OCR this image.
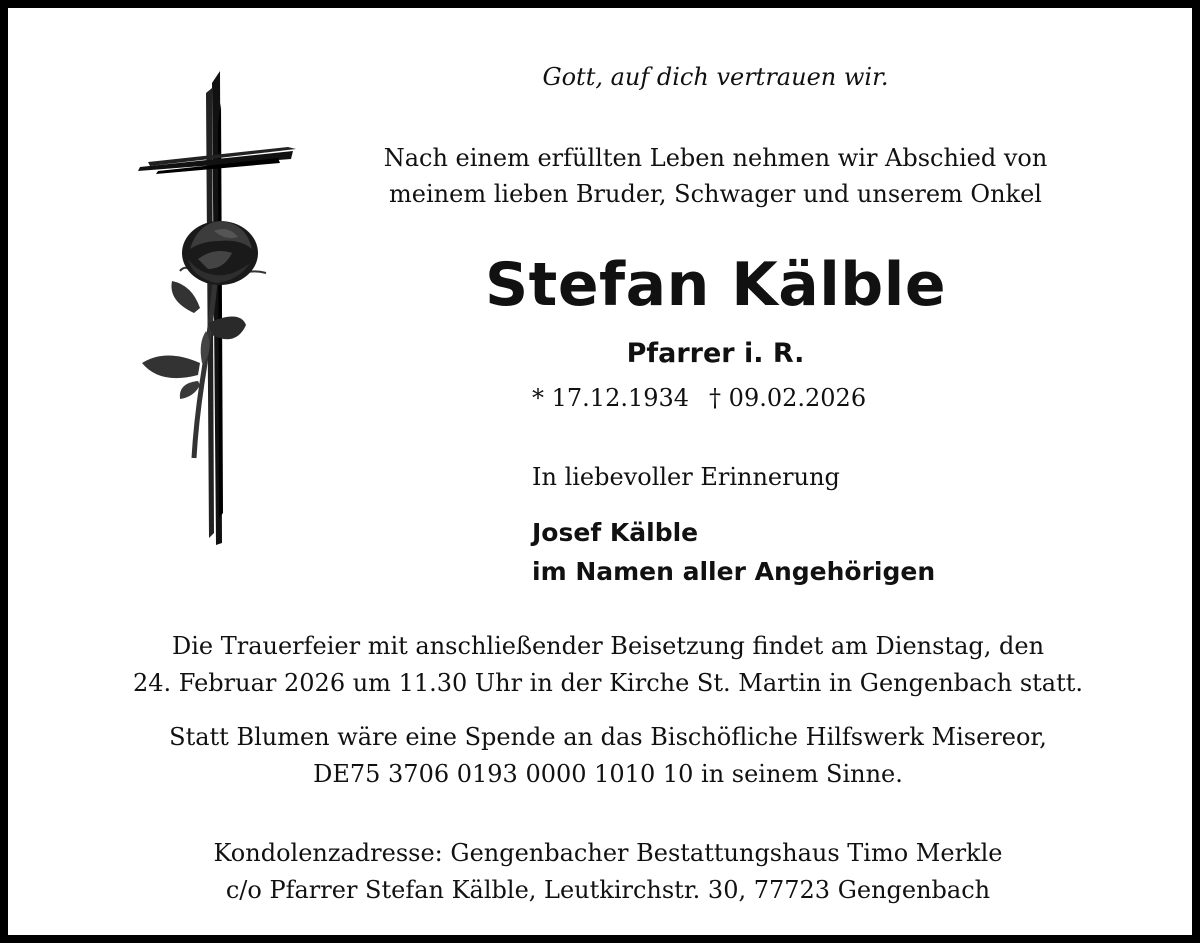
Gott, auf dich vertrauen wir.
Nach einem erfüllten Leben nehmen wir Abschied von
meinem lieben Bruder, Schwager und unserem Onkel
Stefan Kälble
Pfarrer i. R.
* 17.12.1934 † 09.02.2026
In liebevoller Erinnerung
Josef Kälble
im Namen aller Angehörigen
Die Trauerfeier mit anschließender Beisetzung findet am Dienstag, den
24. Februar 2026 um 11.30 Uhr in der Kirche St. Martin in Gengenbach statt.
Statt Blumen wäre eine Spende an das Bischöfliche Hilfswerk Misereor,
DE75 3706 0193 0000 1010 10 in seinem Sinne.
Kondolenzadresse: Gengenbacher Bestattungshaus Timo Merkle
c/o Pfarrer Stefan Kälble, Leutkirchstr. 30, 77723 Gengenbach
